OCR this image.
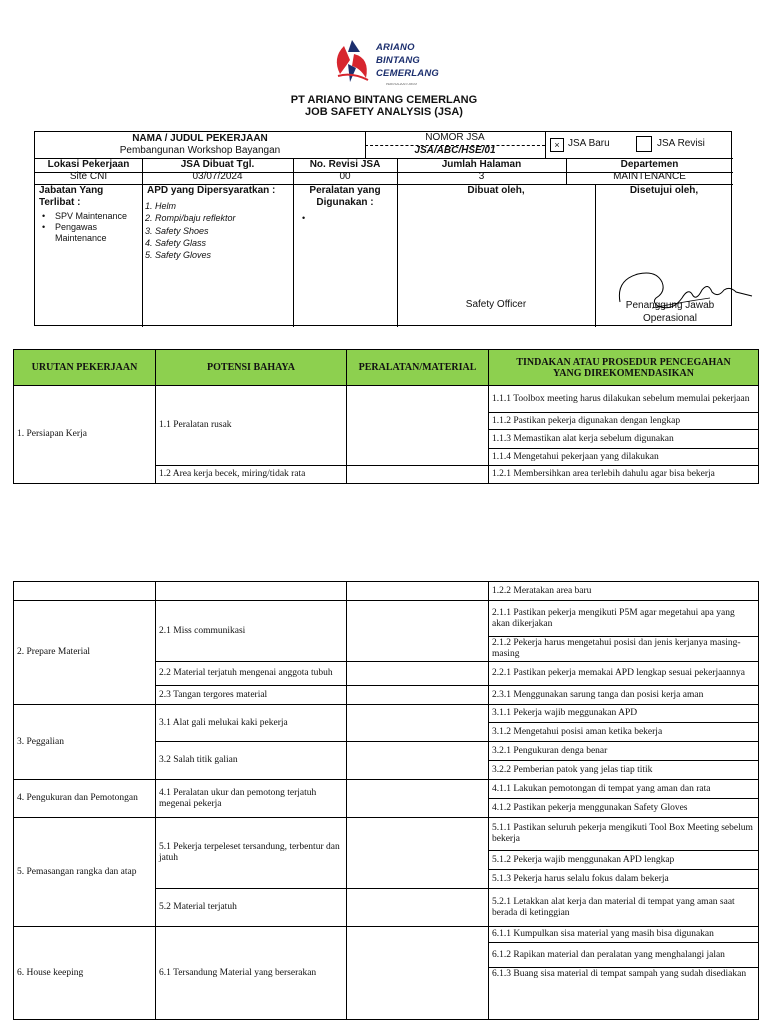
ARIANO
BINTANG
CEMERLANG
PERUSAHAAN UMUM
PT ARIANO BINTANG CEMERLANG
JOB SAFETY ANALYSIS (JSA)
NAMA / JUDUL PEKERJAAN
Pembangunan Workshop Bayangan
NOMOR JSA
JSA/ABC/HSE/01	× JSA Baru	JSA Revisi
Lokasi Pekerjaan	JSA Dibuat Tgl.	No. Revisi JSA	Jumlah Halaman	Departemen
Site CNI	03/07/2024	00	3	MAINTENANCE
Jabatan Yang
Terlibat :
• SPV Maintenance
• Pengawas
Maintenance
APD yang Dipersyaratkan :
1. Helm
2. Rompi/baju reflektor
3. Safety Shoes
4. Safety Glass
5. Safety Gloves
Peralatan yang
Digunakan :
•
Dibuat oleh,
Safety Officer
Disetujui oleh,
Penanggung Jawab
Operasional
URUTAN PEKERJAAN	POTENSI BAHAYA	PERALATAN/MATERIAL	TINDAKAN ATAU PROSEDUR PENCEGAHAN
YANG DIREKOMENDASIKAN

1. Persiapan Kerja	1.1 Peralatan rusak		1.1.1 Toolbox meeting harus dilakukan sebelum memulai pekerjaan
			1.1.2 Pastikan pekerja digunakan dengan lengkap
			1.1.3 Memastikan alat kerja sebelum digunakan
			1.1.4 Mengetahui pekerjaan yang dilakukan
	1.2 Area kerja becek, miring/tidak rata		1.2.1 Membersihkan area terlebih dahulu agar bisa bekerja
			1.2.2 Meratakan area baru
2. Prepare Material	2.1 Miss communikasi		2.1.1 Pastikan pekerja mengikuti P5M agar megetahui apa yang akan dikerjakan
			2.1.2 Pekerja harus mengetahui posisi dan jenis kerjanya masing-masing
	2.2 Material terjatuh mengenai anggota tubuh		2.2.1 Pastikan pekerja memakai APD lengkap sesuai pekerjaannya
	2.3 Tangan tergores material		2.3.1 Menggunakan sarung tanga dan posisi kerja aman
3. Peggalian	3.1 Alat gali melukai kaki pekerja		3.1.1 Pekerja wajib meggunakan APD
			3.1.2 Mengetahui posisi aman ketika bekerja
	3.2 Salah titik galian		3.2.1 Pengukuran denga benar
			3.2.2 Pemberian patok yang jelas tiap titik
4. Pengukuran dan Pemotongan	4.1 Peralatan ukur dan pemotong terjatuh megenai pekerja		4.1.1 Lakukan pemotongan di tempat yang aman dan rata
			4.1.2 Pastikan pekerja menggunakan Safety Gloves
5. Pemasangan rangka dan atap	5.1 Pekerja terpeleset tersandung, terbentur dan jatuh		5.1.1 Pastikan seluruh pekerja mengikuti Tool Box Meeting sebelum bekerja
			5.1.2 Pekerja wajib menggunakan APD lengkap
			5.1.3 Pekerja harus selalu fokus dalam bekerja
	5.2 Material terjatuh		5.2.1 Letakkan alat kerja dan material di tempat yang aman saat berada di ketinggian
6. House keeping	6.1 Tersandung Material yang berserakan		6.1.1 Kumpulkan sisa material yang masih bisa digunakan
			6.1.2 Rapikan material dan peralatan yang menghalangi jalan
			6.1.3 Buang sisa material di tempat sampah yang sudah disediakan
